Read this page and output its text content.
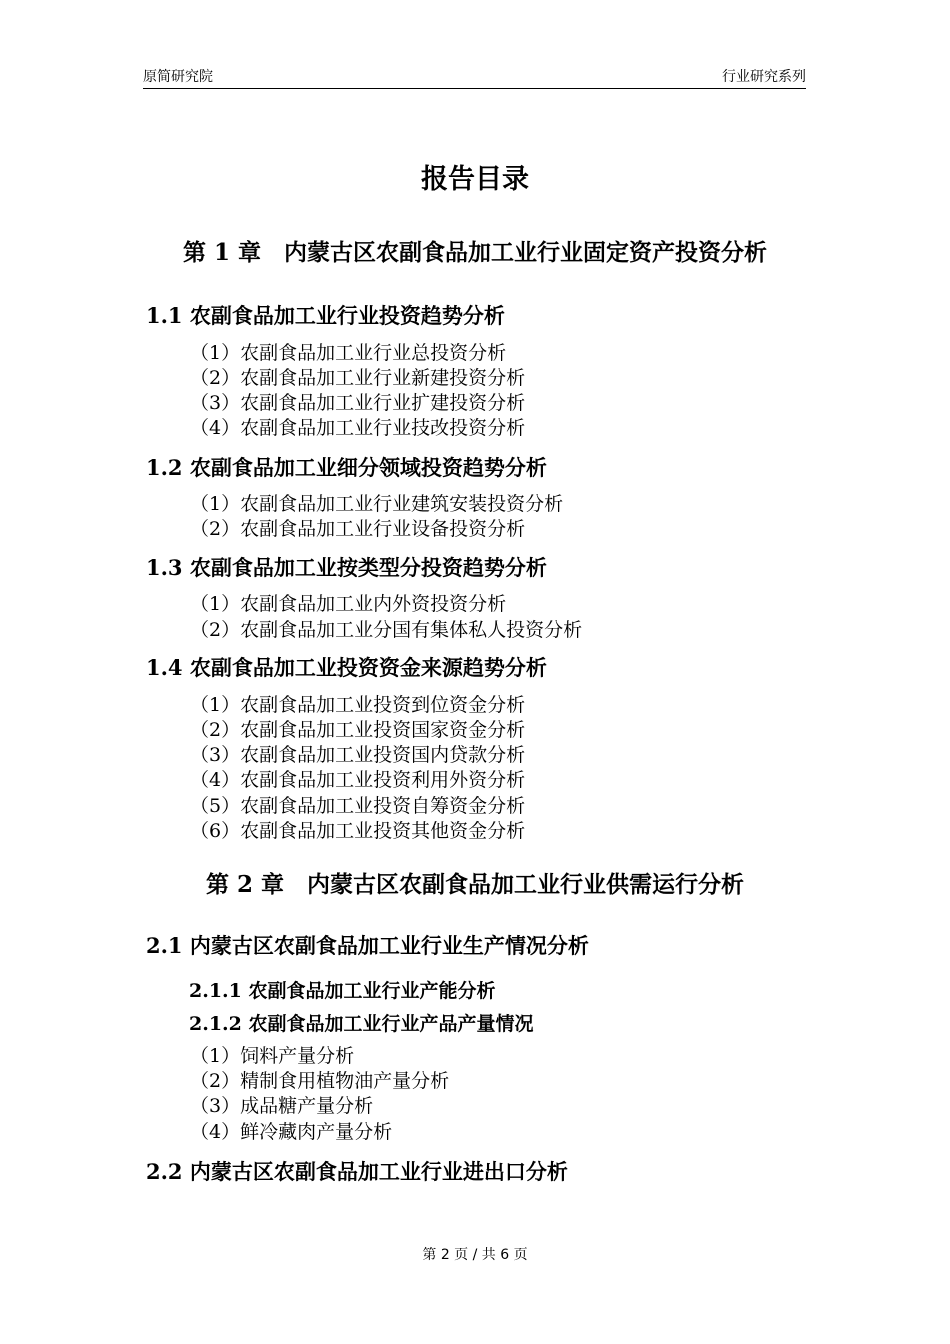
原简研究院	行业研究系列
报告目录
第 1 章　内蒙古区农副食品加工业行业固定资产投资分析
1.1 农副食品加工业行业投资趋势分析
（1）农副食品加工业行业总投资分析
（2）农副食品加工业行业新建投资分析
（3）农副食品加工业行业扩建投资分析
（4）农副食品加工业行业技改投资分析
1.2 农副食品加工业细分领域投资趋势分析
（1）农副食品加工业行业建筑安装投资分析
（2）农副食品加工业行业设备投资分析
1.3 农副食品加工业按类型分投资趋势分析
（1）农副食品加工业内外资投资分析
（2）农副食品加工业分国有集体私人投资分析
1.4 农副食品加工业投资资金来源趋势分析
（1）农副食品加工业投资到位资金分析
（2）农副食品加工业投资国家资金分析
（3）农副食品加工业投资国内贷款分析
（4）农副食品加工业投资利用外资分析
（5）农副食品加工业投资自筹资金分析
（6）农副食品加工业投资其他资金分析
第 2 章　内蒙古区农副食品加工业行业供需运行分析
2.1 内蒙古区农副食品加工业行业生产情况分析
2.1.1 农副食品加工业行业产能分析
2.1.2 农副食品加工业行业产品产量情况
（1）饲料产量分析
（2）精制食用植物油产量分析
（3）成品糖产量分析
（4）鲜冷藏肉产量分析
2.2 内蒙古区农副食品加工业行业进出口分析
第 2 页 / 共 6 页
